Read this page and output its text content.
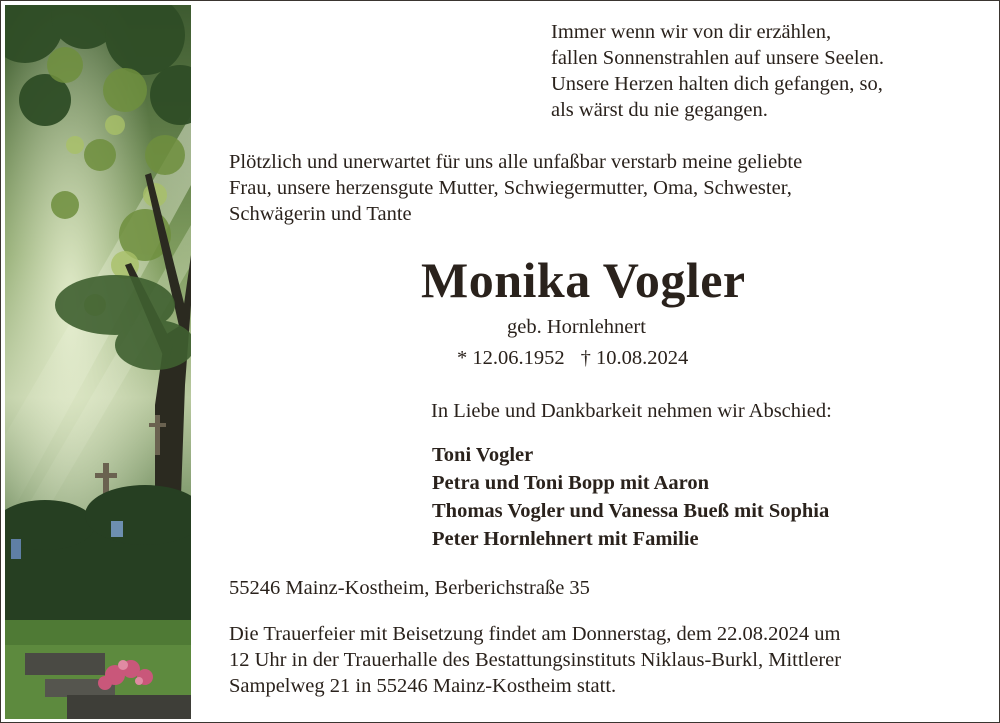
Immer wenn wir von dir erzählen,
fallen Sonnenstrahlen auf unsere Seelen.
Unsere Herzen halten dich gefangen, so,
als wärst du nie gegangen.
Plötzlich und unerwartet für uns alle unfaßbar verstarb meine geliebte
Frau, unsere herzensgute Mutter, Schwiegermutter, Oma, Schwester,
Schwägerin und Tante
Monika Vogler
geb. Hornlehnert
* 12.06.1952 † 10.08.2024
In Liebe und Dankbarkeit nehmen wir Abschied:
Toni Vogler
Petra und Toni Bopp mit Aaron
Thomas Vogler und Vanessa Bueß mit Sophia
Peter Hornlehnert mit Familie
55246 Mainz-Kostheim, Berberichstraße 35
Die Trauerfeier mit Beisetzung findet am Donnerstag, dem 22.08.2024 um
12 Uhr in der Trauerhalle des Bestattungsinstituts Niklaus-Burkl, Mittlerer
Sampelweg 21 in 55246 Mainz-Kostheim statt.
